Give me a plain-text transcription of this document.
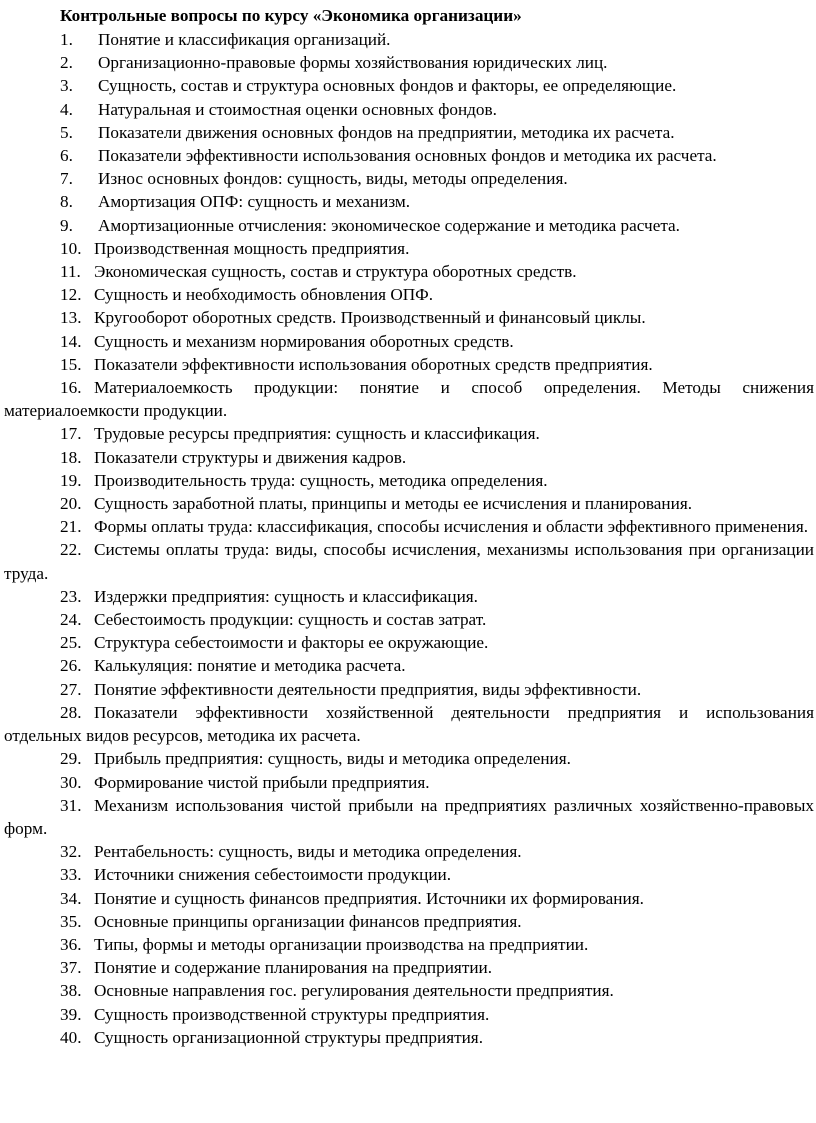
Контрольные вопросы по курсу «Экономика организации»
1. Понятие и классификация организаций.
2. Организационно-правовые формы хозяйствования юридических лиц.
3. Сущность, состав и структура основных фондов и факторы, ее определяющие.
4. Натуральная и стоимостная оценки основных фондов.
5. Показатели движения основных фондов на предприятии, методика их расчета.
6. Показатели эффективности использования основных фондов и методика их расчета.
7. Износ основных фондов: сущность, виды, методы определения.
8. Амортизация ОПФ: сущность и механизм.
9. Амортизационные отчисления: экономическое содержание и методика расчета.
10. Производственная мощность предприятия.
11. Экономическая сущность, состав и структура оборотных средств.
12. Сущность и необходимость обновления ОПФ.
13. Кругооборот оборотных средств. Производственный и финансовый циклы.
14. Сущность и механизм нормирования оборотных средств.
15. Показатели эффективности использования оборотных средств предприятия.
16. Материалоемкость продукции: понятие и способ определения. Методы снижения материалоемкости продукции.
17. Трудовые ресурсы предприятия: сущность и классификация.
18. Показатели структуры и движения кадров.
19. Производительность труда: сущность, методика определения.
20. Сущность заработной платы, принципы и методы ее исчисления и планирования.
21. Формы оплаты труда: классификация, способы исчисления и области эффективного применения.
22. Системы оплаты труда: виды, способы исчисления, механизмы использования при организации труда.
23. Издержки предприятия: сущность и классификация.
24. Себестоимость продукции: сущность и состав затрат.
25. Структура себестоимости и факторы ее окружающие.
26. Калькуляция: понятие и методика расчета.
27. Понятие эффективности деятельности предприятия, виды эффективности.
28. Показатели эффективности хозяйственной деятельности предприятия и использования отдельных видов ресурсов, методика их расчета.
29. Прибыль предприятия: сущность, виды и методика определения.
30. Формирование чистой прибыли предприятия.
31. Механизм использования чистой прибыли на предприятиях различных хозяйственно-правовых форм.
32. Рентабельность: сущность, виды и методика определения.
33. Источники снижения себестоимости продукции.
34. Понятие и сущность финансов предприятия. Источники их формирования.
35. Основные принципы организации финансов предприятия.
36. Типы, формы и методы организации производства на предприятии.
37. Понятие и содержание планирования на предприятии.
38. Основные направления гос. регулирования деятельности предприятия.
39. Сущность производственной структуры предприятия.
40. Сущность организационной структуры предприятия.
